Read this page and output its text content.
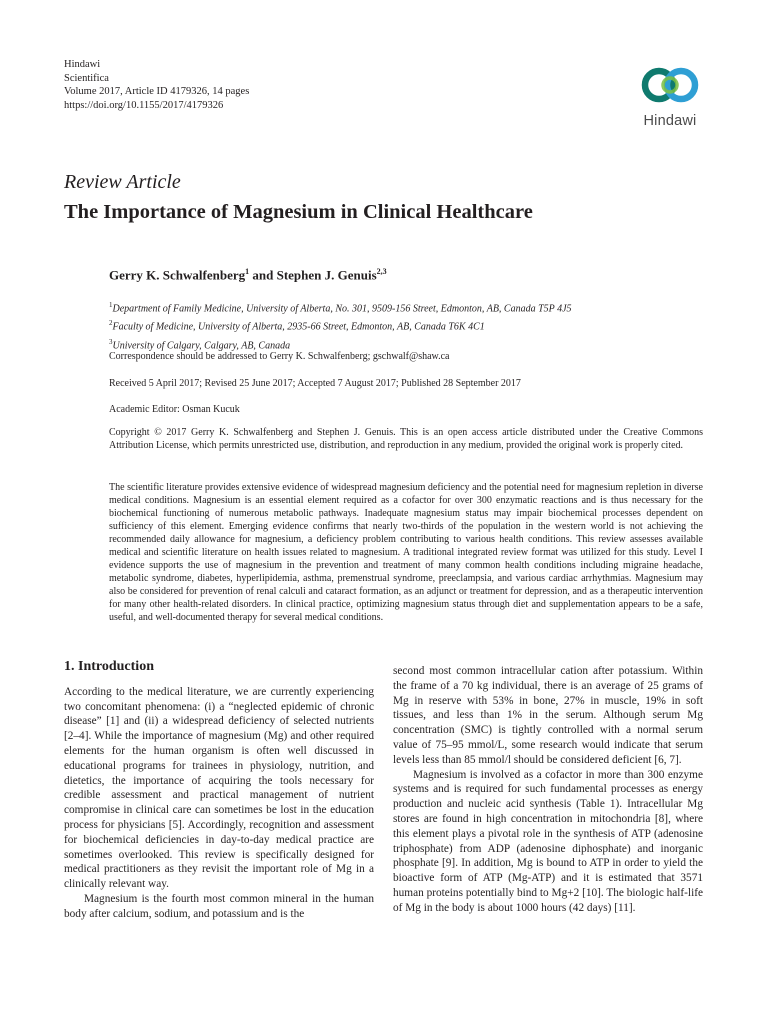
Hindawi
Scientifica
Volume 2017, Article ID 4179326, 14 pages
https://doi.org/10.1155/2017/4179326
Hindawi
Review Article
The Importance of Magnesium in Clinical Healthcare
Gerry K. Schwalfenberg$^1$ and Stephen J. Genuis$^{2,3}$
$^1$Department of Family Medicine, University of Alberta, No. 301, 9509-156 Street, Edmonton, AB, Canada T5P 4J5
$^2$Faculty of Medicine, University of Alberta, 2935-66 Street, Edmonton, AB, Canada T6K 4C1
$^3$University of Calgary, Calgary, AB, Canada
Correspondence should be addressed to Gerry K. Schwalfenberg; gschwalf@shaw.ca
Received 5 April 2017; Revised 25 June 2017; Accepted 7 August 2017; Published 28 September 2017
Academic Editor: Osman Kucuk
Copyright © 2017 Gerry K. Schwalfenberg and Stephen J. Genuis. This is an open access article distributed under the Creative Commons Attribution License, which permits unrestricted use, distribution, and reproduction in any medium, provided the original work is properly cited.
The scientific literature provides extensive evidence of widespread magnesium deficiency and the potential need for magnesium repletion in diverse medical conditions. Magnesium is an essential element required as a cofactor for over 300 enzymatic reactions and is thus necessary for the biochemical functioning of numerous metabolic pathways. Inadequate magnesium status may impair biochemical processes dependent on sufficiency of this element. Emerging evidence confirms that nearly two-thirds of the population in the western world is not achieving the recommended daily allowance for magnesium, a deficiency problem contributing to various health conditions. This review assesses available medical and scientific literature on health issues related to magnesium. A traditional integrated review format was utilized for this study. Level I evidence supports the use of magnesium in the prevention and treatment of many common health conditions including migraine headache, metabolic syndrome, diabetes, hyperlipidemia, asthma, premenstrual syndrome, preeclampsia, and various cardiac arrhythmias. Magnesium may also be considered for prevention of renal calculi and cataract formation, as an adjunct or treatment for depression, and as a therapeutic intervention for many other health-related disorders. In clinical practice, optimizing magnesium status through diet and supplementation appears to be a safe, useful, and well-documented therapy for several medical conditions.
1. Introduction

According to the medical literature, we are currently experiencing two concomitant phenomena: (i) a “neglected epidemic of chronic disease” [1] and (ii) a widespread deficiency of selected nutrients [2–4]. While the importance of magnesium (Mg) and other required elements for the human organism is often well discussed in educational programs for trainees in physiology, nutrition, and dietetics, the importance of acquiring the tools necessary for credible assessment and practical management of nutrient compromise in clinical care can sometimes be lost in the education process for physicians [5]. Accordingly, recognition and assessment for biochemical deficiencies in day-to-day medical practice are sometimes overlooked. This review is specifically designed for medical practitioners as they revisit the important role of Mg in a clinically relevant way.

Magnesium is the fourth most common mineral in the human body after calcium, sodium, and potassium and is the

second most common intracellular cation after potassium. Within the frame of a 70 kg individual, there is an average of 25 grams of Mg in reserve with 53% in bone, 27% in muscle, 19% in soft tissues, and less than 1% in the serum. Although serum Mg concentration (SMC) is tightly controlled with a normal serum value of 75–95 mmol/L, some research would indicate that serum levels less than 85 mmol/l should be considered deficient [6, 7].

Magnesium is involved as a cofactor in more than 300 enzyme systems and is required for such fundamental processes as energy production and nucleic acid synthesis (Table 1). Intracellular Mg stores are found in high concentration in mitochondria [8], where this element plays a pivotal role in the synthesis of ATP (adenosine triphosphate) from ADP (adenosine diphosphate) and inorganic phosphate [9]. In addition, Mg is bound to ATP in order to yield the bioactive form of ATP (Mg-ATP) and it is estimated that 3571 human proteins potentially bind to Mg+2 [10]. The biologic half-life of Mg in the body is about 1000 hours (42 days) [11].
